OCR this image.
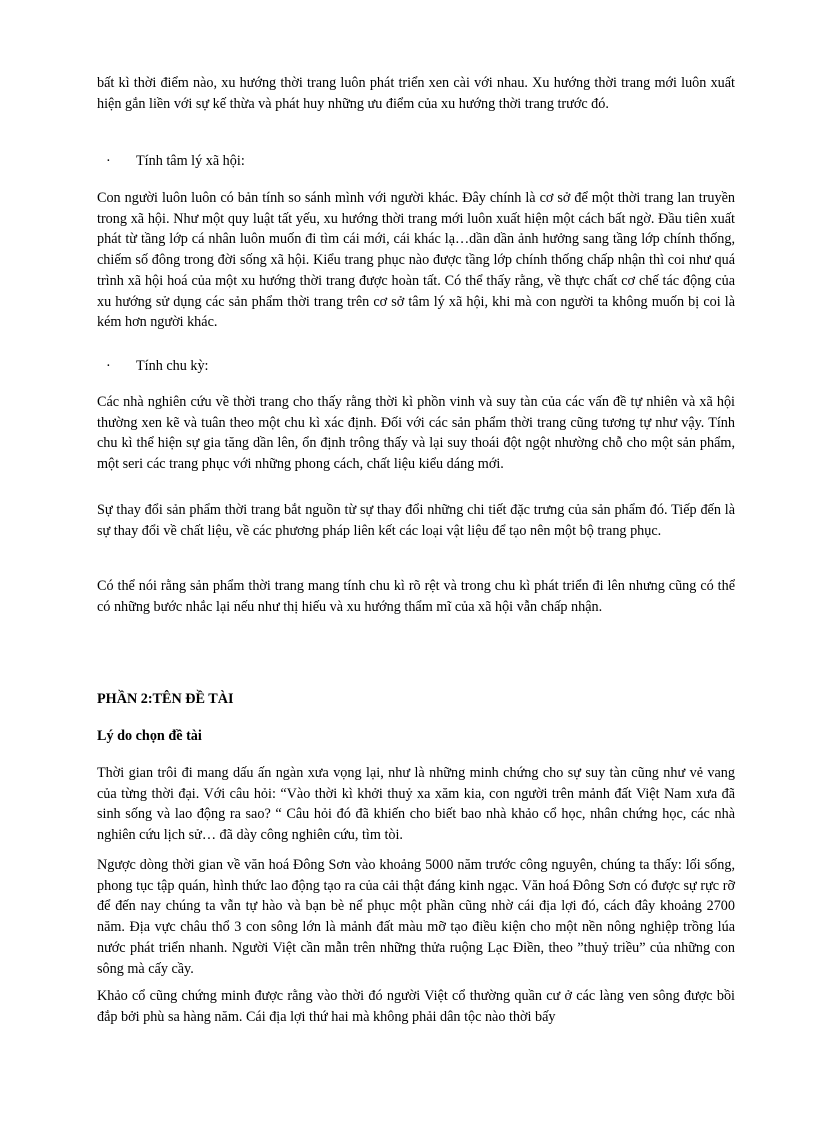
bất kì thời điểm nào, xu hướng thời trang luôn phát triển xen cài với nhau. Xu hướng thời trang mới luôn xuất hiện gắn liền với sự kế thừa và phát huy những ưu điểm của xu hướng thời trang trước đó.

· Tính tâm lý xã hội:

Con người luôn luôn có bản tính so sánh mình với người khác. Đây chính là cơ sở để một thời trang lan truyền trong xã hội. Như một quy luật tất yếu, xu hướng thời trang mới luôn xuất hiện một cách bất ngờ. Đầu tiên xuất phát từ tầng lớp cá nhân luôn muốn đi tìm cái mới, cái khác lạ…dần dần ảnh hưởng sang tầng lớp chính thống, chiếm số đông trong đời sống xã hội. Kiểu trang phục nào được tầng lớp chính thống chấp nhận thì coi như quá trình xã hội hoá của một xu hướng thời trang được hoàn tất. Có thể thấy rằng, về thực chất cơ chế tác động của xu hướng sử dụng các sản phẩm thời trang trên cơ sở tâm lý xã hội, khi mà con người ta không muốn bị coi là kém hơn người khác.

· Tính chu kỳ:

Các nhà nghiên cứu về thời trang cho thấy rằng thời kì phồn vinh và suy tàn của các vấn đề tự nhiên và xã hội thường xen kẽ và tuân theo một chu kì xác định. Đối với các sản phẩm thời trang cũng tương tự như vậy. Tính chu kì thể hiện sự gia tăng dần lên, ổn định trông thấy và lại suy thoái đột ngột nhường chỗ cho một sản phẩm, một seri các trang phục với những phong cách, chất liệu kiểu dáng mới.

Sự thay đổi sản phẩm thời trang bắt nguồn từ sự thay đổi những chi tiết đặc trưng của sản phẩm đó. Tiếp đến là sự thay đổi về chất liệu, về các phương pháp liên kết các loại vật liệu để tạo nên một bộ trang phục.

Có thể nói rằng sản phẩm thời trang mang tính chu kì rõ rệt và trong chu kì phát triển đi lên nhưng cũng có thể có những bước nhắc lại nếu như thị hiếu và xu hướng thẩm mĩ của xã hội vẫn chấp nhận.

PHẦN 2:TÊN ĐỀ TÀI
Lý do chọn đề tài

Thời gian trôi đi mang dấu ấn ngàn xưa vọng lại, như là những minh chứng cho sự suy tàn cũng như vẻ vang của từng thời đại. Với câu hỏi: “Vào thời kì khởi thuỷ xa xăm kia, con người trên mảnh đất Việt Nam xưa đã sinh sống và lao động ra sao? “ Câu hỏi đó đã khiến cho biết bao nhà khảo cổ học, nhân chứng học, các nhà nghiên cứu lịch sử… đã dày công nghiên cứu, tìm tòi.

Ngược dòng thời gian về văn hoá Đông Sơn vào khoảng 5000 năm trước công nguyên, chúng ta thấy: lối sống, phong tục tập quán, hình thức lao động tạo ra của cải thật đáng kinh ngạc. Văn hoá Đông Sơn có được sự rực rỡ để đến nay chúng ta vẫn tự hào và bạn bè nể phục một phần cũng nhờ cái địa lợi đó, cách đây khoảng 2700 năm. Địa vực châu thổ 3 con sông lớn là mảnh đất màu mỡ tạo điều kiện cho một nền nông nghiệp trồng lúa nước phát triển nhanh. Người Việt cần mẫn trên những thửa ruộng Lạc Điền, theo ”thuỷ triều” của những con sông mà cấy cầy.

Khảo cổ cũng chứng minh được rằng vào thời đó người Việt cổ thường quần cư ở các làng ven sông được bồi đắp bởi phù sa hàng năm. Cái địa lợi thứ hai mà không phải dân tộc nào thời bấy
